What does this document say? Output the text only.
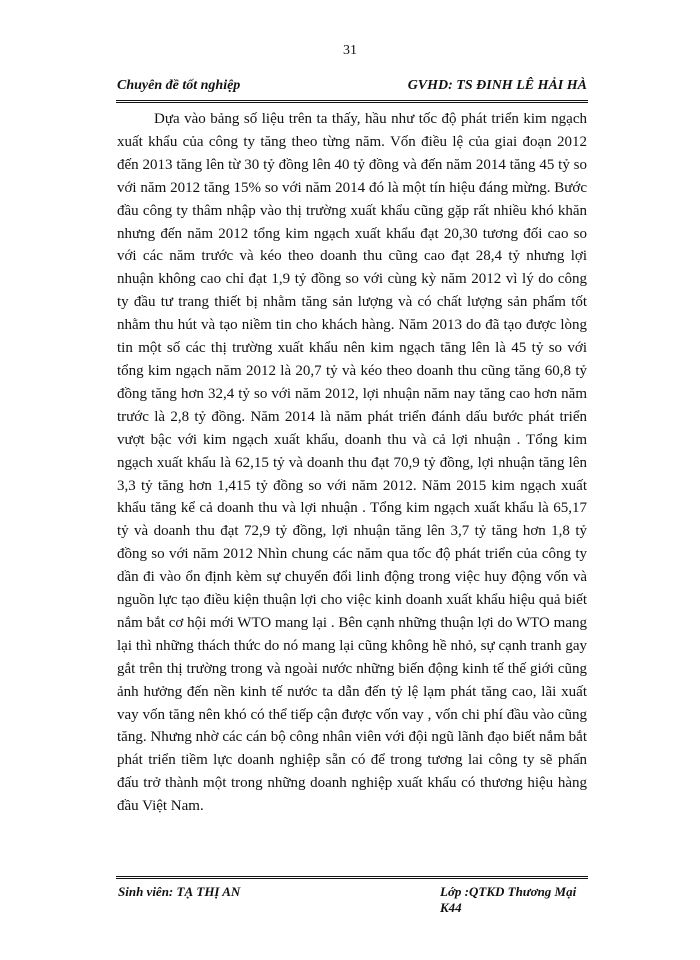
31
Chuyên đề tốt nghiệp	GVHD: TS ĐINH LÊ HẢI HÀ

Dựa vào bảng số liệu trên ta thấy, hầu như tốc độ phát triển kim ngạch xuất khẩu của công ty tăng theo từng năm. Vốn điều lệ của giai đoạn 2012 đến 2013 tăng lên từ 30 tỷ đồng lên 40 tỷ đồng và đến năm 2014 tăng 45 tỷ so với năm 2012 tăng 15% so với năm 2014 đó là một tín hiệu đáng mừng. Bước đầu công ty thâm nhập vào thị trường xuất khẩu cũng gặp rất nhiều khó khăn nhưng đến năm 2012 tổng kim ngạch xuất khẩu đạt 20,30 tương đối cao so với các năm trước và kéo theo doanh thu cũng cao đạt 28,4 tỷ nhưng lợi nhuận không cao chỉ đạt 1,9 tỷ đồng so với cùng kỳ năm 2012 vì lý do công ty đầu tư trang thiết bị nhằm tăng sản lượng và có chất lượng sản phẩm tốt nhằm thu hút và tạo niềm tin cho khách hàng. Năm 2013 do đã tạo được lòng tin một số các thị trường xuất khẩu nên kim ngạch tăng lên là 45 tỷ so với tổng kim ngạch năm 2012 là 20,7 tỷ và kéo theo doanh thu cũng tăng 60,8 tỷ đồng tăng hơn 32,4 tỷ so với năm 2012, lợi nhuận năm nay tăng cao hơn năm trước là 2,8 tỷ đồng. Năm 2014 là năm phát triển đánh dấu bước phát triển vượt bậc với kim ngạch xuất khẩu, doanh thu và cả lợi nhuận . Tổng kim ngạch xuất khẩu là 62,15 tỷ và doanh thu đạt 70,9 tỷ đồng, lợi nhuận tăng lên 3,3 tỷ tăng hơn 1,415 tỷ đồng so với năm 2012. Năm 2015 kim ngạch xuất khẩu tăng kể cả doanh thu và lợi nhuận . Tổng kim ngạch xuất khẩu là 65,17 tỷ và doanh thu đạt 72,9 tỷ đồng, lợi nhuận tăng lên 3,7 tỷ tăng hơn 1,8 tỷ đồng so với năm 2012 Nhìn chung các năm qua tốc độ phát triển của công ty dần đi vào ổn định kèm sự chuyển đổi linh động trong việc huy động vốn và nguồn lực tạo điều kiện thuận lợi cho việc kinh doanh xuất khẩu hiệu quả biết nắm bắt cơ hội mới WTO mang lại . Bên cạnh những thuận lợi do WTO mang lại thì những thách thức do nó mang lại cũng không hề nhỏ, sự cạnh tranh gay gắt trên thị trường trong và ngoài nước những biến động kinh tế thế giới cũng ảnh hưởng đến nền kinh tế nước ta dẫn đến tỷ lệ lạm phát tăng cao, lãi xuất vay vốn tăng nên khó có thể tiếp cận được vốn vay , vốn chi phí đầu vào cũng tăng. Nhưng nhờ các cán bộ công nhân viên với đội ngũ lãnh đạo biết nắm bắt phát triển tiềm lực doanh nghiệp sẵn có để trong tương lai công ty sẽ phấn đấu trở thành một trong những doanh nghiệp xuất khẩu có thương hiệu hàng đầu Việt Nam.

Sinh viên: TẠ THỊ AN	Lớp :QTKD Thương Mại K44
